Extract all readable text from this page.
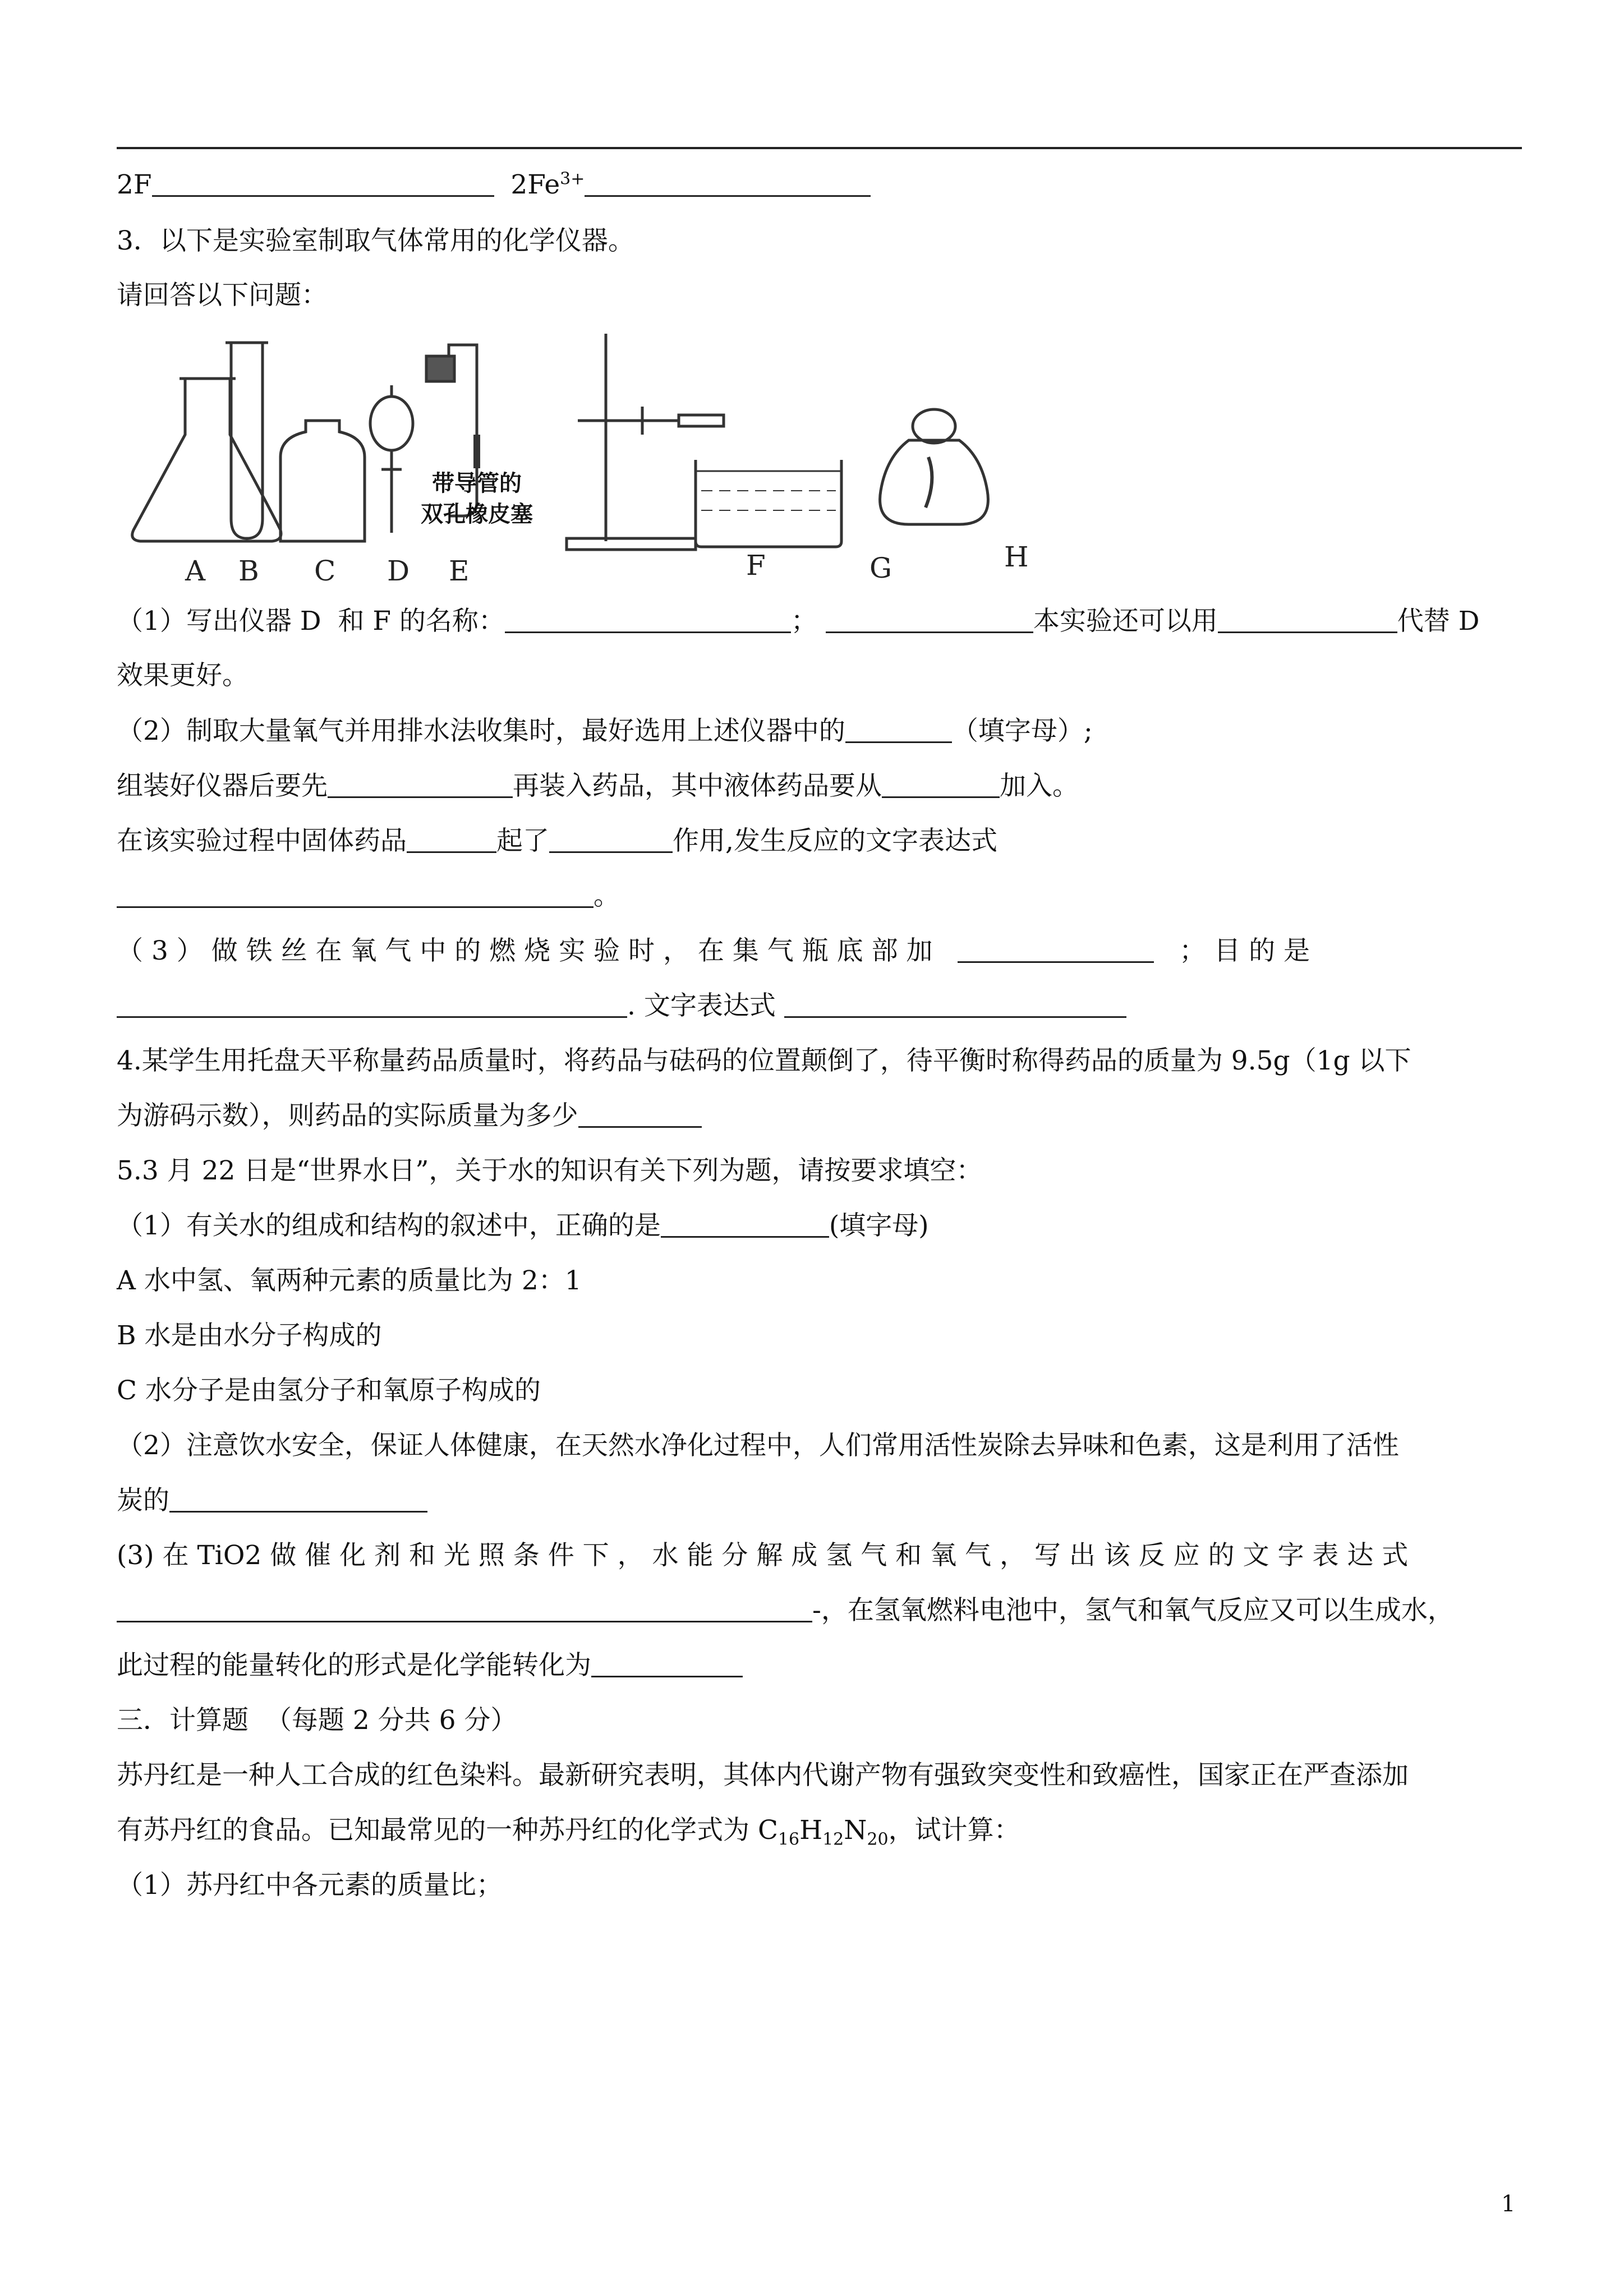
2F	$2Fe^{3+}$
3．以下是实验室制取气体常用的化学仪器。
请回答以下问题：
A B C D
带导管的
双孔橡皮塞
E	F	G	H
（1）写出仪器 D  和 F 的名称：	；	本实验还可以用	代替 D
效果更好。
（2）制取大量氧气并用排水法收集时，最好选用上述仪器中的	（填字母）;
组装好仪器后要先	再装入药品，其中液体药品要从	加入。
在该实验过程中固体药品	起了	作用,发生反应的文字表达式
。
（ 3 ） 做 铁 丝 在 氧 气 中 的 燃 烧 实 验 时 ， 在 集 气 瓶 底 部 加	； 目 的 是
. 文字表达式
4.某学生用托盘天平称量药品质量时，将药品与砝码的位置颠倒了，待平衡时称得药品的质量为 9.5g（1g 以下
为游码示数），则药品的实际质量为多少
5.3 月 22 日是“世界水日”，关于水的知识有关下列为题，请按要求填空：
（1）有关水的组成和结构的叙述中，正确的是	(填字母)
A 水中氢、氧两种元素的质量比为 2：1
B 水是由水分子构成的
C 水分子是由氢分子和氧原子构成的
（2）注意饮水安全，保证人体健康，在天然水净化过程中，人们常用活性炭除去异味和色素，这是利用了活性
炭的
(3) 在 TiO2 做 催 化 剂 和 光 照 条 件 下 ， 水 能 分 解 成 氢 气 和 氧 气 ， 写 出 该 反 应 的 文 字 表 达 式
-，在氢氧燃料电池中，氢气和氧气反应又可以生成水，
此过程的能量转化的形式是化学能转化为
三．计算题  （每题 2 分共 6 分）
苏丹红是一种人工合成的红色染料。最新研究表明，其体内代谢产物有强致突变性和致癌性，国家正在严查添加
有苏丹红的食品。已知最常见的一种苏丹红的化学式为 $C_{16}H_{12}N_{20}$，试计算：
（1）苏丹红中各元素的质量比；
1
